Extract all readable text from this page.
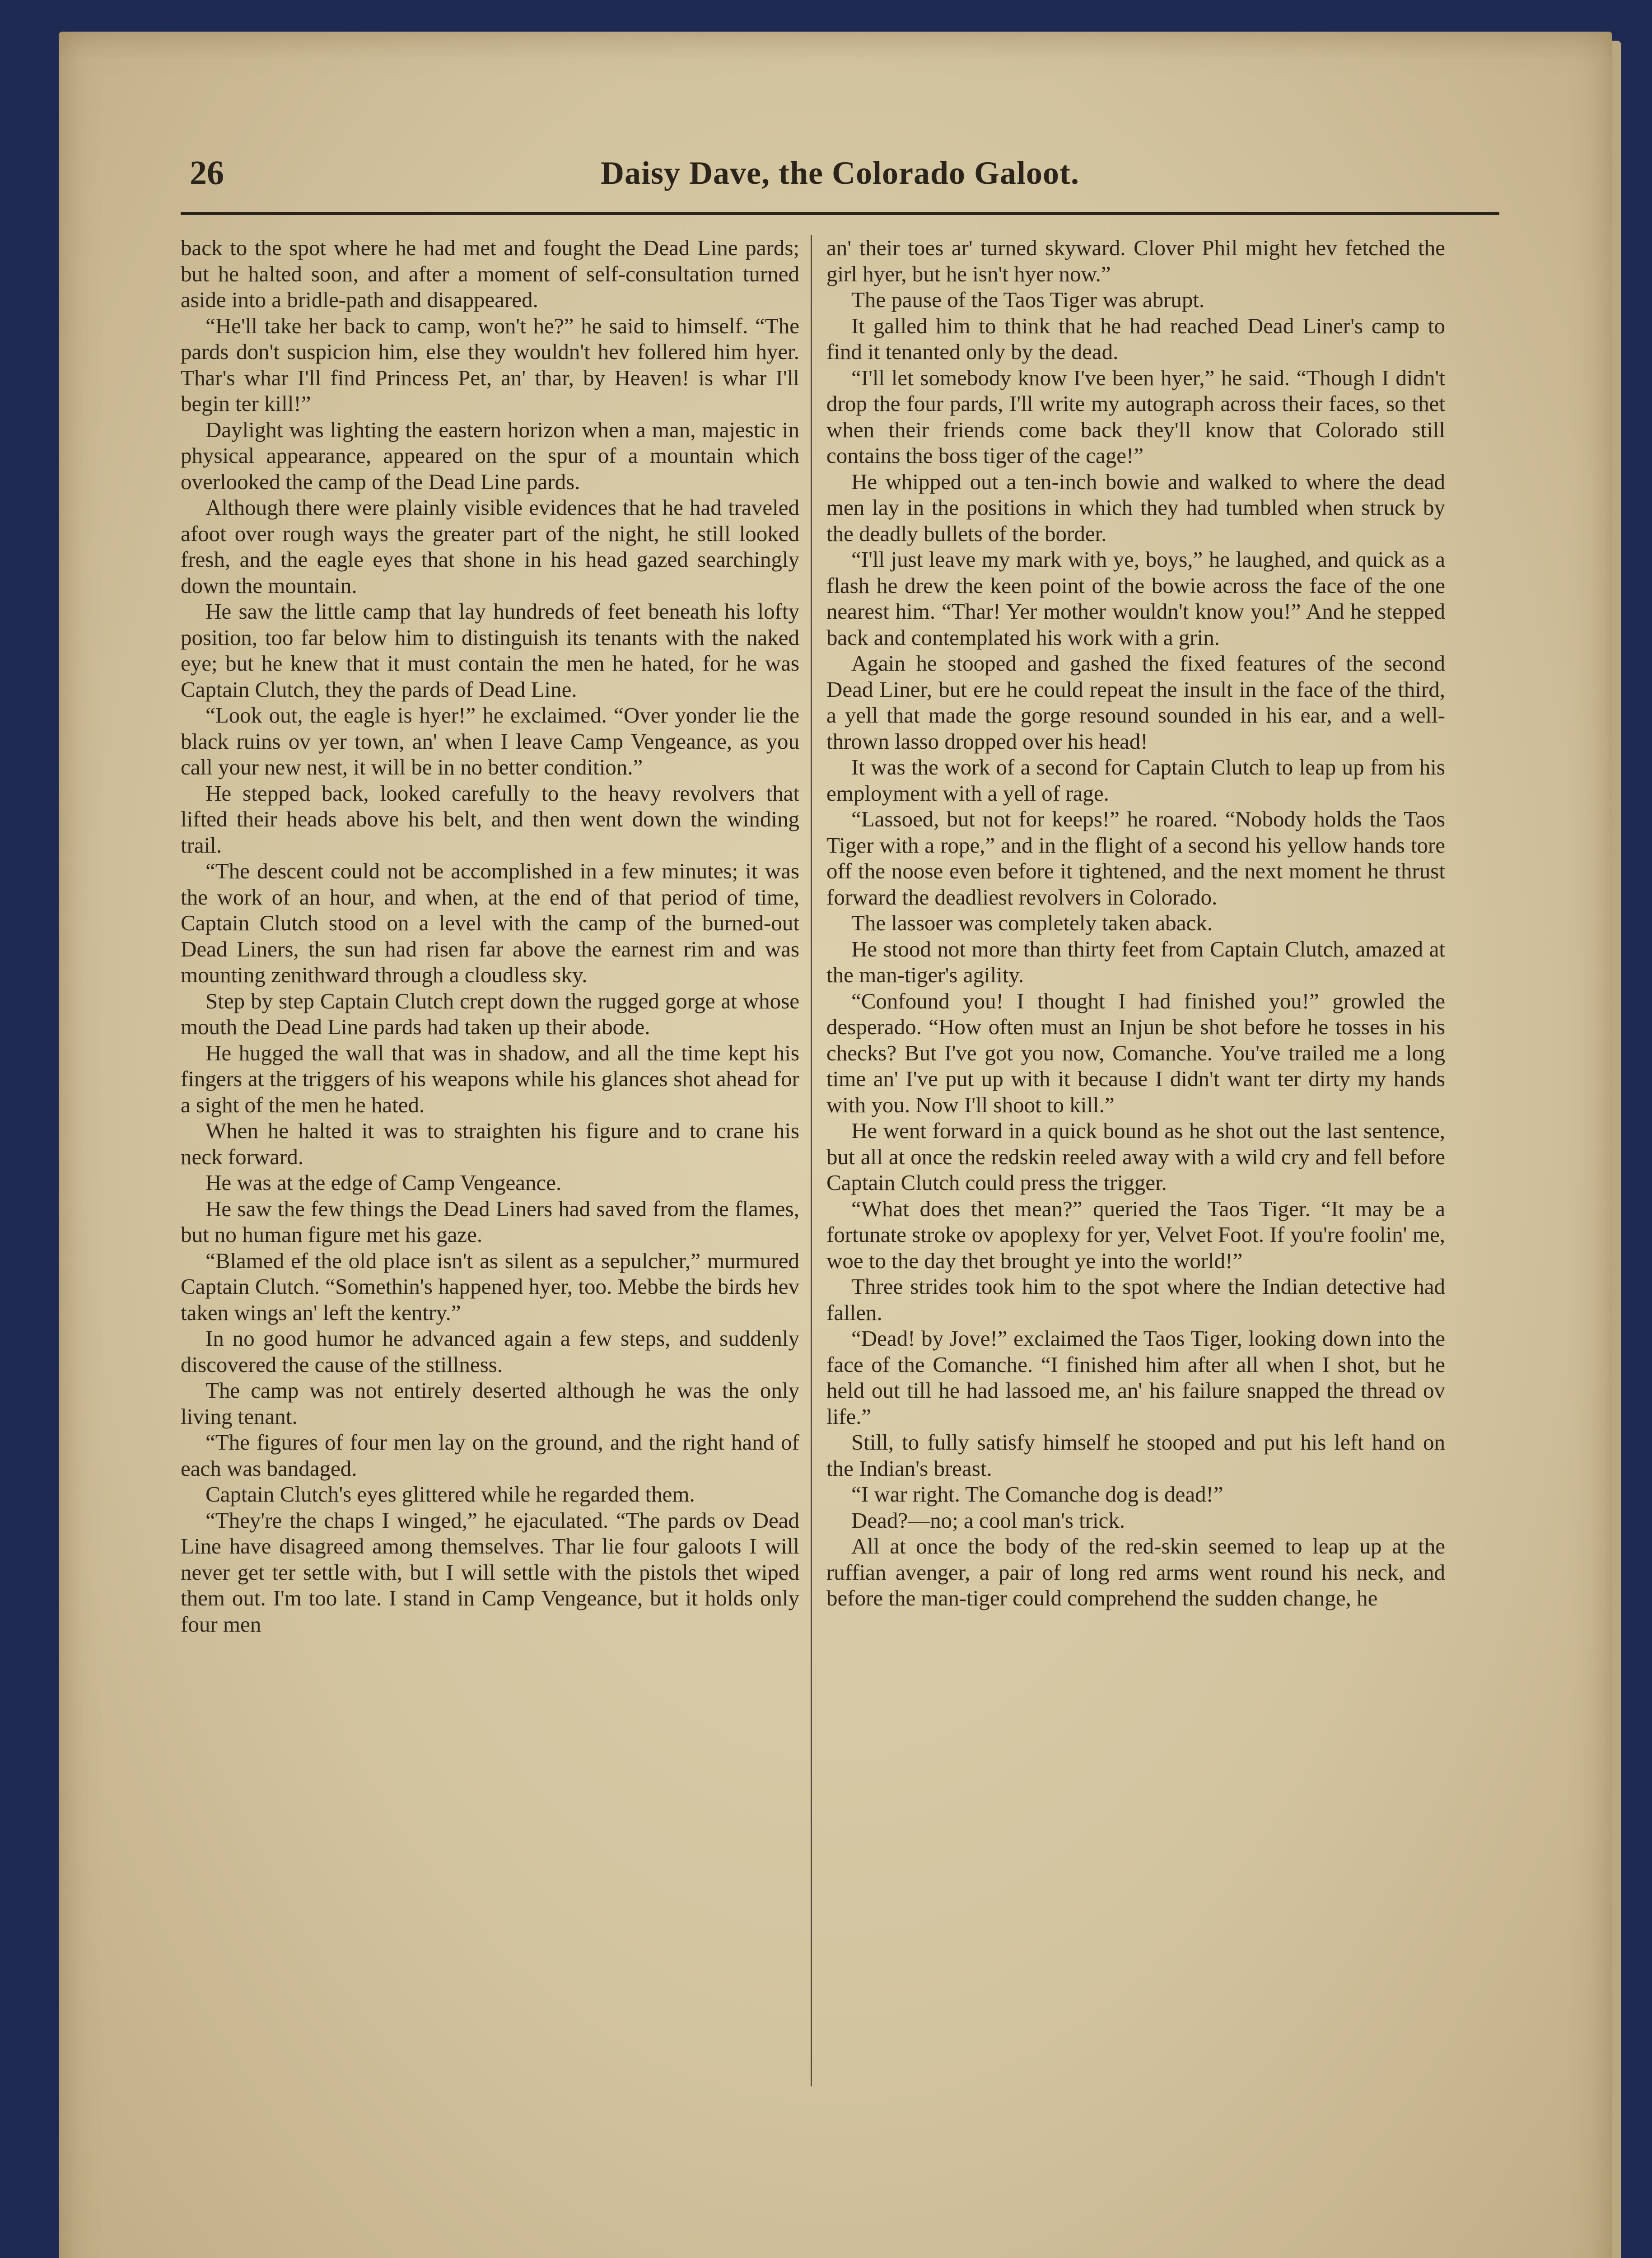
26	Daisy Dave, the Colorado Galoot.

back to the spot where he had met and fought the Dead Line pards; but he halted soon, and after a moment of self-consultation turned aside into a bridle-path and disappeared.

“He'll take her back to camp, won't he?” he said to himself. “The pards don't suspicion him, else they wouldn't hev follered him hyer. Thar's whar I'll find Princess Pet, an' thar, by Heaven! is whar I'll begin ter kill!”

Daylight was lighting the eastern horizon when a man, majestic in physical appearance, appeared on the spur of a mountain which overlooked the camp of the Dead Line pards.

Although there were plainly visible evidences that he had traveled afoot over rough ways the greater part of the night, he still looked fresh, and the eagle eyes that shone in his head gazed searchingly down the mountain.

He saw the little camp that lay hundreds of feet beneath his lofty position, too far below him to distinguish its tenants with the naked eye; but he knew that it must contain the men he hated, for he was Captain Clutch, they the pards of Dead Line.

“Look out, the eagle is hyer!” he exclaimed. “Over yonder lie the black ruins ov yer town, an' when I leave Camp Vengeance, as you call your new nest, it will be in no better condition.”

He stepped back, looked carefully to the heavy revolvers that lifted their heads above his belt, and then went down the winding trail.

“The descent could not be accomplished in a few minutes; it was the work of an hour, and when, at the end of that period of time, Captain Clutch stood on a level with the camp of the burned-out Dead Liners, the sun had risen far above the earnest rim and was mounting zenithward through a cloudless sky.

Step by step Captain Clutch crept down the rugged gorge at whose mouth the Dead Line pards had taken up their abode.

He hugged the wall that was in shadow, and all the time kept his fingers at the triggers of his weapons while his glances shot ahead for a sight of the men he hated.

When he halted it was to straighten his figure and to crane his neck forward.

He was at the edge of Camp Vengeance.

He saw the few things the Dead Liners had saved from the flames, but no human figure met his gaze.

“Blamed ef the old place isn't as silent as a sepulcher,” murmured Captain Clutch. “Somethin's happened hyer, too. Mebbe the birds hev taken wings an' left the kentry.”

In no good humor he advanced again a few steps, and suddenly discovered the cause of the stillness.

The camp was not entirely deserted although he was the only living tenant.

“The figures of four men lay on the ground, and the right hand of each was bandaged.

Captain Clutch's eyes glittered while he regarded them.

“They're the chaps I winged,” he ejaculated. “The pards ov Dead Line have disagreed among themselves. Thar lie four galoots I will never get ter settle with, but I will settle with the pistols thet wiped them out. I'm too late. I stand in Camp Vengeance, but it holds only four men

an' their toes ar' turned skyward. Clover Phil might hev fetched the girl hyer, but he isn't hyer now.”

The pause of the Taos Tiger was abrupt.

It galled him to think that he had reached Dead Liner's camp to find it tenanted only by the dead.

“I'll let somebody know I've been hyer,” he said. “Though I didn't drop the four pards, I'll write my autograph across their faces, so thet when their friends come back they'll know that Colorado still contains the boss tiger of the cage!”

He whipped out a ten-inch bowie and walked to where the dead men lay in the positions in which they had tumbled when struck by the deadly bullets of the border.

“I'll just leave my mark with ye, boys,” he laughed, and quick as a flash he drew the keen point of the bowie across the face of the one nearest him. “Thar! Yer mother wouldn't know you!” And he stepped back and contemplated his work with a grin.

Again he stooped and gashed the fixed features of the second Dead Liner, but ere he could repeat the insult in the face of the third, a yell that made the gorge resound sounded in his ear, and a well-thrown lasso dropped over his head!

It was the work of a second for Captain Clutch to leap up from his employment with a yell of rage.

“Lassoed, but not for keeps!” he roared. “Nobody holds the Taos Tiger with a rope,” and in the flight of a second his yellow hands tore off the noose even before it tightened, and the next moment he thrust forward the deadliest revolvers in Colorado.

The lassoer was completely taken aback.

He stood not more than thirty feet from Captain Clutch, amazed at the man-tiger's agility.

“Confound you! I thought I had finished you!” growled the desperado. “How often must an Injun be shot before he tosses in his checks? But I've got you now, Comanche. You've trailed me a long time an' I've put up with it because I didn't want ter dirty my hands with you. Now I'll shoot to kill.”

He went forward in a quick bound as he shot out the last sentence, but all at once the redskin reeled away with a wild cry and fell before Captain Clutch could press the trigger.

“What does thet mean?” queried the Taos Tiger. “It may be a fortunate stroke ov apoplexy for yer, Velvet Foot. If you're foolin' me, woe to the day thet brought ye into the world!”

Three strides took him to the spot where the Indian detective had fallen.

“Dead! by Jove!” exclaimed the Taos Tiger, looking down into the face of the Comanche. “I finished him after all when I shot, but he held out till he had lassoed me, an' his failure snapped the thread ov life.”

Still, to fully satisfy himself he stooped and put his left hand on the Indian's breast.

“I war right. The Comanche dog is dead!”

Dead?—no; a cool man's trick.

All at once the body of the red-skin seemed to leap up at the ruffian avenger, a pair of long red arms went round his neck, and before the man-tiger could comprehend the sudden change, he
